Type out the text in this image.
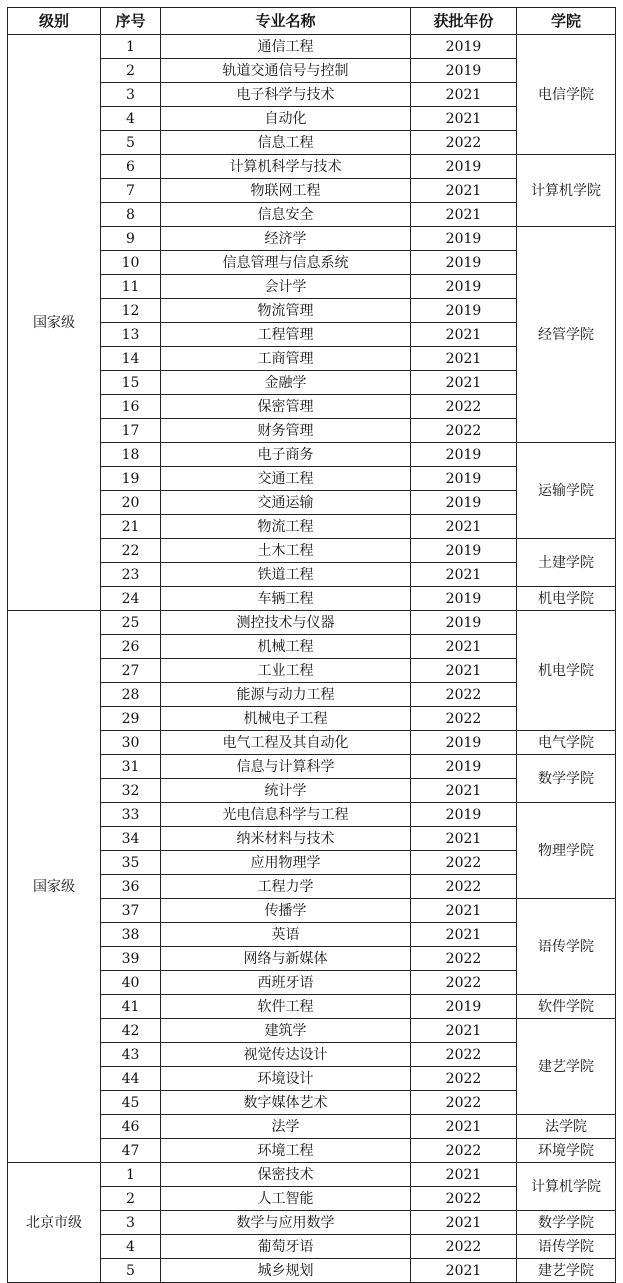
级别	序号	专业名称	获批年份	学院
国家级	1	通信工程	2019	电信学院
	2	轨道交通信号与控制	2019	
	3	电子科学与技术	2021	
	4	自动化	2021	
	5	信息工程	2022	
	6	计算机科学与技术	2019	计算机学院
	7	物联网工程	2021	
	8	信息安全	2021	
	9	经济学	2019	经管学院
	10	信息管理与信息系统	2019	
	11	会计学	2019	
	12	物流管理	2019	
	13	工程管理	2021	
	14	工商管理	2021	
	15	金融学	2021	
	16	保密管理	2022	
	17	财务管理	2022	
	18	电子商务	2019	运输学院
	19	交通工程	2019	
	20	交通运输	2019	
	21	物流工程	2021	
	22	土木工程	2019	土建学院
	23	铁道工程	2021	
	24	车辆工程	2019	机电学院
国家级	25	测控技术与仪器	2019	机电学院
	26	机械工程	2021	
	27	工业工程	2021	
	28	能源与动力工程	2022	
	29	机械电子工程	2022	
	30	电气工程及其自动化	2019	电气学院
	31	信息与计算科学	2019	数学学院
	32	统计学	2021	
	33	光电信息科学与工程	2019	物理学院
	34	纳米材料与技术	2021	
	35	应用物理学	2022	
	36	工程力学	2022	
	37	传播学	2021	语传学院
	38	英语	2021	
	39	网络与新媒体	2022	
	40	西班牙语	2022	
	41	软件工程	2019	软件学院
	42	建筑学	2021	建艺学院
	43	视觉传达设计	2022	
	44	环境设计	2022	
	45	数字媒体艺术	2022	
	46	法学	2021	法学院
	47	环境工程	2022	环境学院
北京市级	1	保密技术	2021	计算机学院
	2	人工智能	2022	
	3	数学与应用数学	2021	数学学院
	4	葡萄牙语	2022	语传学院
	5	城乡规划	2021	建艺学院
